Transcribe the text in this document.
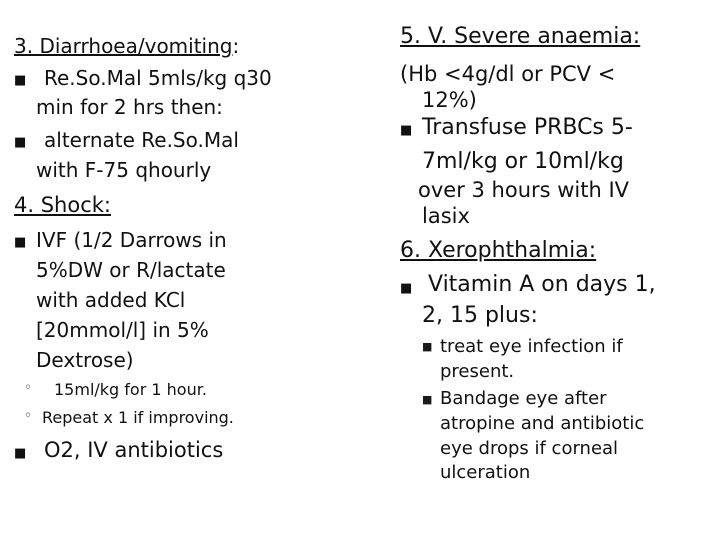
3. Diarrhoea/vomiting:
■
Re.So.Mal 5mls/kg q30
min for 2 hrs then:
■
alternate Re.So.Mal
with F-75 qhourly
4. Shock:
■
IVF (1/2 Darrows in
5%DW or R/lactate
with added KCl
[20mmol/l] in 5%
Dextrose)
◦ 15ml/kg for 1 hour.
◦ Repeat x 1 if improving.
■
O2, IV antibiotics
5. V. Severe anaemia:
(Hb <4g/dl or PCV <
12%)
■
Transfuse PRBCs 5-
7ml/kg or 10ml/kg
over 3 hours with IV
lasix
6. Xerophthalmia:
■
Vitamin A on days 1,
2, 15 plus:
■ treat eye infection if
present.
■ Bandage eye after
atropine and antibiotic
eye drops if corneal
ulceration
